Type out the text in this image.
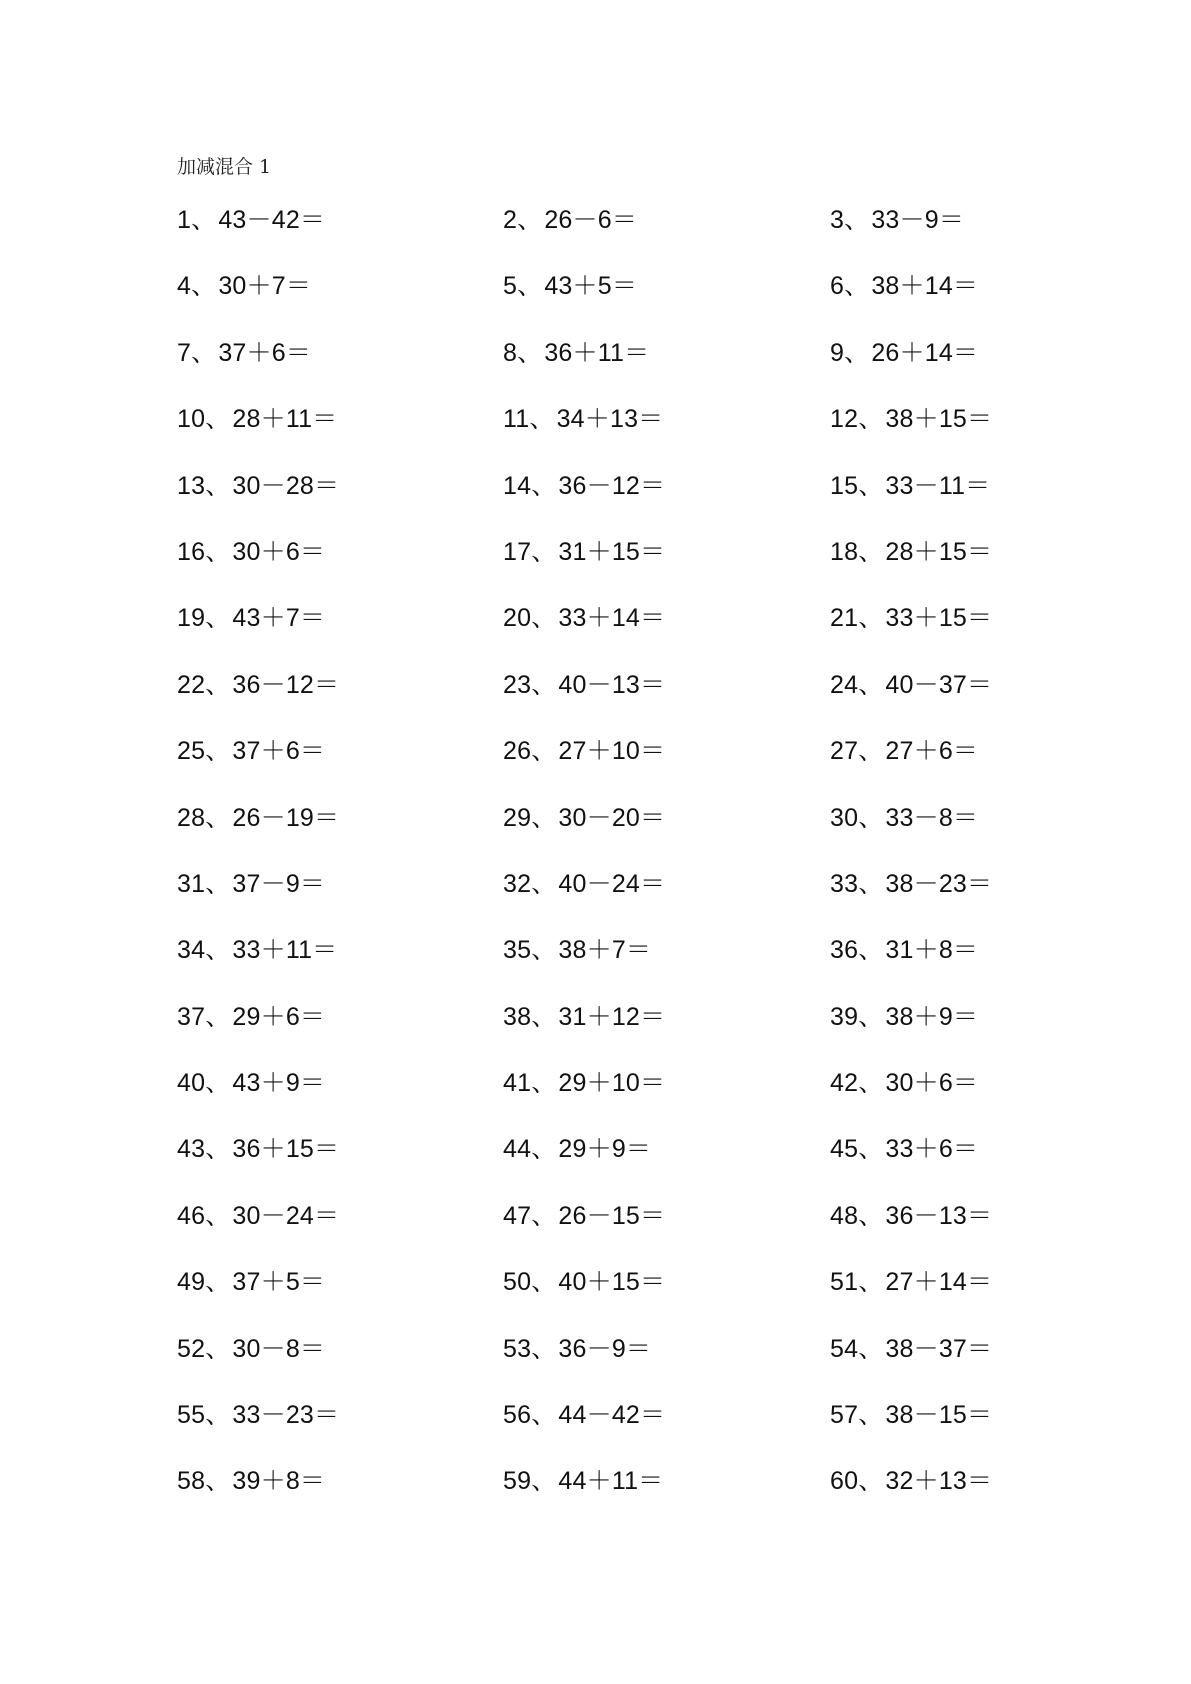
加减混合 1
1、43－42＝	2、26－6＝	3、33－9＝
4、30＋7＝	5、43＋5＝	6、38＋14＝
7、37＋6＝	8、36＋11＝	9、26＋14＝
10、28＋11＝	11、34＋13＝	12、38＋15＝
13、30－28＝	14、36－12＝	15、33－11＝
16、30＋6＝	17、31＋15＝	18、28＋15＝
19、43＋7＝	20、33＋14＝	21、33＋15＝
22、36－12＝	23、40－13＝	24、40－37＝
25、37＋6＝	26、27＋10＝	27、27＋6＝
28、26－19＝	29、30－20＝	30、33－8＝
31、37－9＝	32、40－24＝	33、38－23＝
34、33＋11＝	35、38＋7＝	36、31＋8＝
37、29＋6＝	38、31＋12＝	39、38＋9＝
40、43＋9＝	41、29＋10＝	42、30＋6＝
43、36＋15＝	44、29＋9＝	45、33＋6＝
46、30－24＝	47、26－15＝	48、36－13＝
49、37＋5＝	50、40＋15＝	51、27＋14＝
52、30－8＝	53、36－9＝	54、38－37＝
55、33－23＝	56、44－42＝	57、38－15＝
58、39＋8＝	59、44＋11＝	60、32＋13＝
